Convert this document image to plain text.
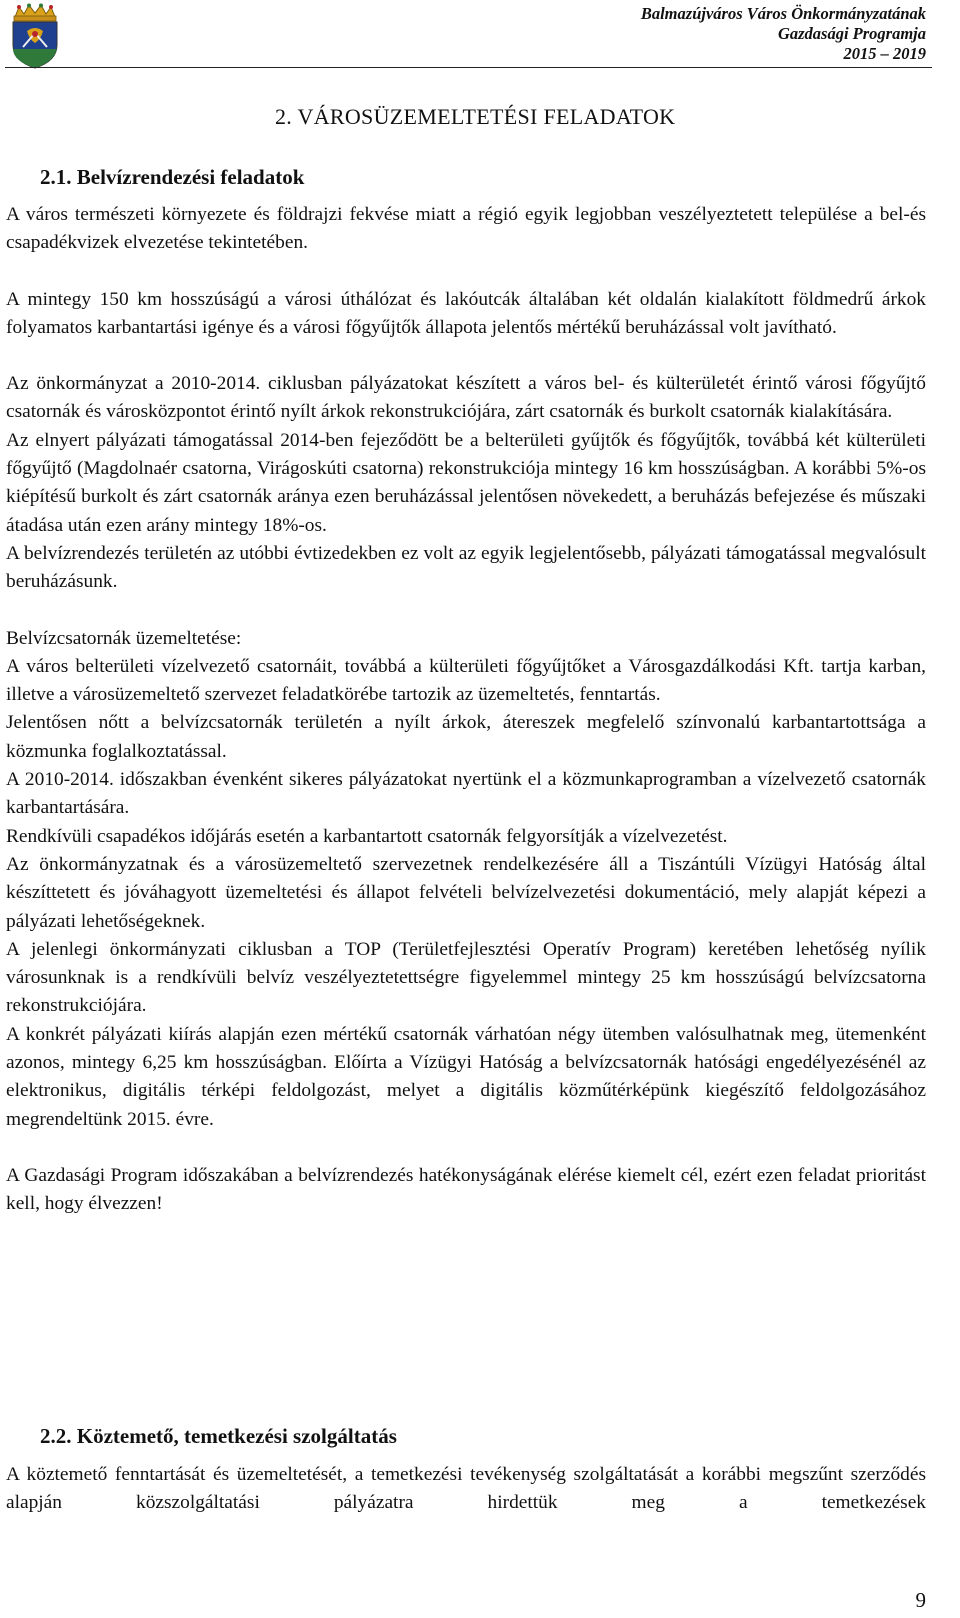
Balmazújváros Város Önkormányzatának
Gazdasági Programja
2015 – 2019
2. VÁROSÜZEMELTETÉSI FELADATOK
2.1. Belvízrendezési feladatok

A város természeti környezete és földrajzi fekvése miatt a régió egyik legjobban veszélyeztetett települése a bel-és csapadékvizek elvezetése tekintetében.

A mintegy 150 km hosszúságú a városi úthálózat és lakóutcák általában két oldalán kialakított földmedrű árkok folyamatos karbantartási igénye és a városi főgyűjtők állapota jelentős mértékű beruházással volt javítható.

Az önkormányzat a 2010-2014. ciklusban pályázatokat készített a város bel- és külterületét érintő városi főgyűjtő csatornák és városközpontot érintő nyílt árkok rekonstrukciójára, zárt csatornák és burkolt csatornák kialakítására.

Az elnyert pályázati támogatással 2014-ben fejeződött be a belterületi gyűjtők és főgyűjtők, továbbá két külterületi főgyűjtő (Magdolnaér csatorna, Virágoskúti csatorna) rekonstrukciója mintegy 16 km hosszúságban. A korábbi 5%-os kiépítésű burkolt és zárt csatornák aránya ezen beruházással jelentősen növekedett, a beruházás befejezése és műszaki átadása után ezen arány mintegy 18%-os.

A belvízrendezés területén az utóbbi évtizedekben ez volt az egyik legjelentősebb, pályázati támogatással megvalósult beruházásunk.

Belvízcsatornák üzemeltetése:

A város belterületi vízelvezető csatornáit, továbbá a külterületi főgyűjtőket a Városgazdálkodási Kft. tartja karban, illetve a városüzemeltető szervezet feladatkörébe tartozik az üzemeltetés, fenntartás.

Jelentősen nőtt a belvízcsatornák területén a nyílt árkok, átereszek megfelelő színvonalú karbantartottsága a közmunka foglalkoztatással.

A 2010-2014. időszakban évenként sikeres pályázatokat nyertünk el a közmunkaprogramban a vízelvezető csatornák karbantartására.

Rendkívüli csapadékos időjárás esetén a karbantartott csatornák felgyorsítják a vízelvezetést.

Az önkormányzatnak és a városüzemeltető szervezetnek rendelkezésére áll a Tiszántúli Vízügyi Hatóság által készíttetett és jóváhagyott üzemeltetési és állapot felvételi belvízelvezetési dokumentáció, mely alapját képezi a pályázati lehetőségeknek.

A jelenlegi önkormányzati ciklusban a TOP (Területfejlesztési Operatív Program) keretében lehetőség nyílik városunknak is a rendkívüli belvíz veszélyeztetettségre figyelemmel mintegy 25 km hosszúságú belvízcsatorna rekonstrukciójára.

A konkrét pályázati kiírás alapján ezen mértékű csatornák várhatóan négy ütemben valósulhatnak meg, ütemenként azonos, mintegy 6,25 km hosszúságban. Előírta a Vízügyi Hatóság a belvízcsatornák hatósági engedélyezésénél az elektronikus, digitális térképi feldolgozást, melyet a digitális közműtérképünk kiegészítő feldolgozásához megrendeltünk 2015. évre.

A Gazdasági Program időszakában a belvízrendezés hatékonyságának elérése kiemelt cél, ezért ezen feladat prioritást kell, hogy élvezzen!

2.2. Köztemető, temetkezési szolgáltatás

A köztemető fenntartását és üzemeltetését, a temetkezési tevékenység szolgáltatását a korábbi megszűnt szerződés alapján közszolgáltatási pályázatra hirdettük meg a temetkezések

9
